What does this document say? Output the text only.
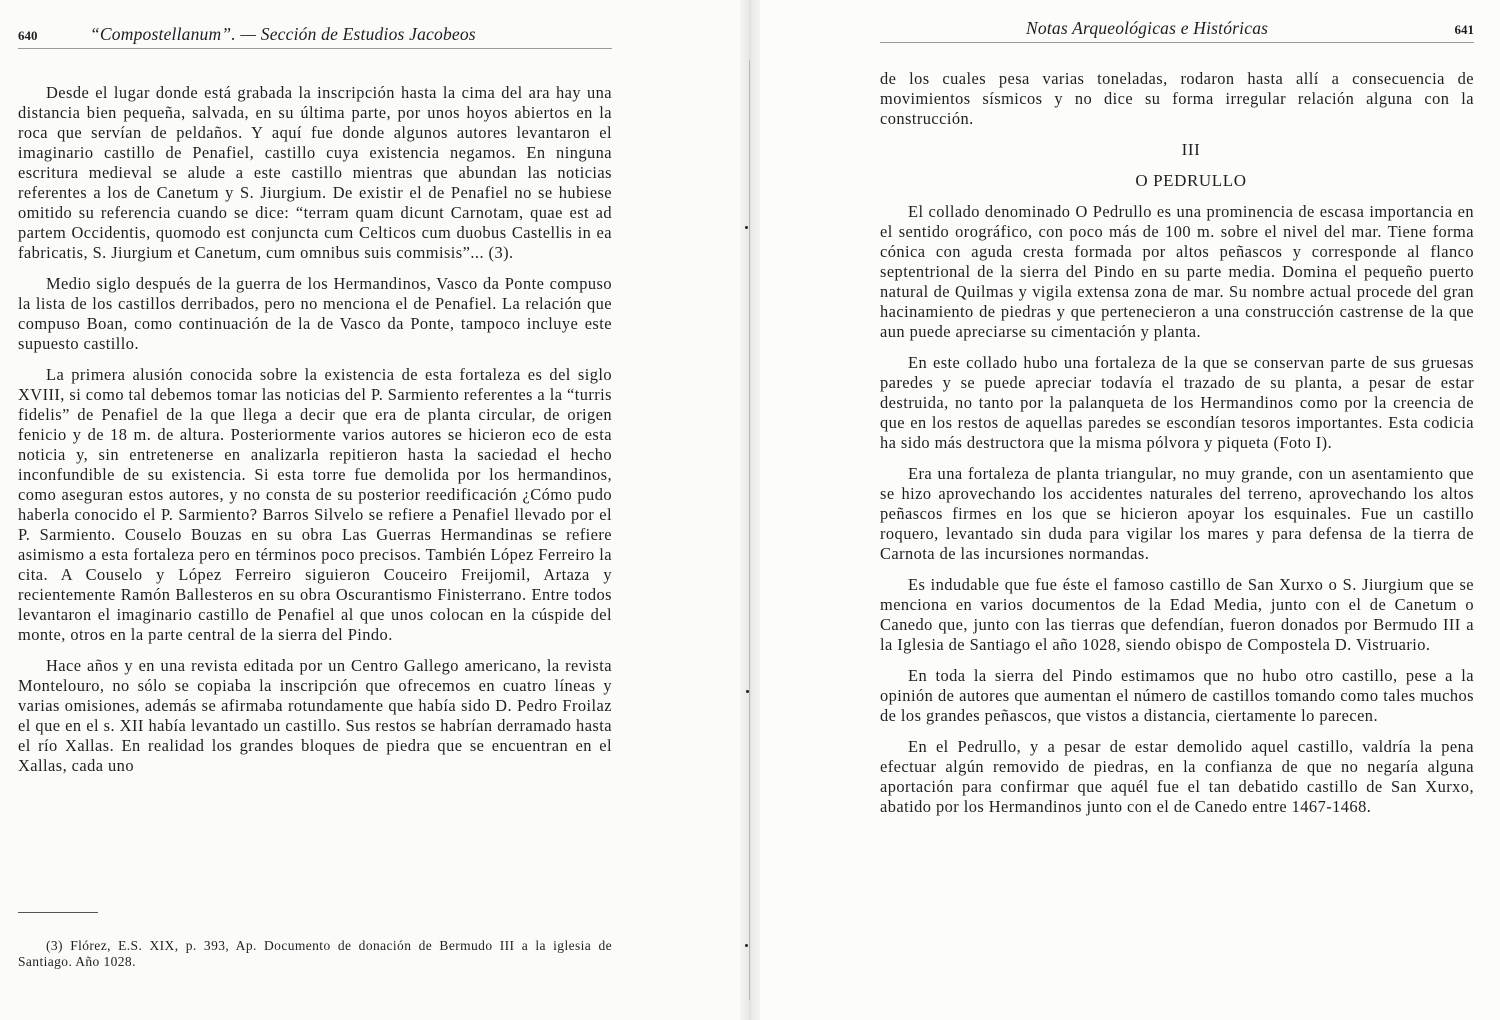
640	“Compostellanum”. — Sección de Estudios Jacobeos

Desde el lugar donde está grabada la inscripción hasta la cima del ara hay una distancia bien pequeña, salvada, en su última parte, por unos hoyos abiertos en la roca que servían de peldaños. Y aquí fue donde algunos autores levantaron el imaginario castillo de Penafiel, castillo cuya existencia negamos. En ninguna escritura medieval se alude a este castillo mientras que abundan las noticias referentes a los de Canetum y S. Jiurgium. De existir el de Penafiel no se hubiese omitido su referencia cuando se dice: “terram quam dicunt Carnotam, quae est ad partem Occidentis, quomodo est conjuncta cum Celticos cum duobus Castellis in ea fabricatis, S. Jiurgium et Canetum, cum omnibus suis commisis”... (3).

Medio siglo después de la guerra de los Hermandinos, Vasco da Ponte compuso la lista de los castillos derribados, pero no menciona el de Penafiel. La relación que compuso Boan, como continuación de la de Vasco da Ponte, tampoco incluye este supuesto castillo.

La primera alusión conocida sobre la existencia de esta fortaleza es del siglo XVIII, si como tal debemos tomar las noticias del P. Sarmiento referentes a la “turris fidelis” de Penafiel de la que llega a decir que era de planta circular, de origen fenicio y de 18 m. de altura. Posteriormente varios autores se hicieron eco de esta noticia y, sin entretenerse en analizarla repitieron hasta la saciedad el hecho inconfundible de su existencia. Si esta torre fue demolida por los hermandinos, como aseguran estos autores, y no consta de su posterior reedificación ¿Cómo pudo haberla conocido el P. Sarmiento? Barros Silvelo se refiere a Penafiel llevado por el P. Sarmiento. Couselo Bouzas en su obra Las Guerras Hermandinas se refiere asimismo a esta fortaleza pero en términos poco precisos. También López Ferreiro la cita. A Couselo y López Ferreiro siguieron Couceiro Freijomil, Artaza y recientemente Ramón Ballesteros en su obra Oscurantismo Finisterrano. Entre todos levantaron el imaginario castillo de Penafiel al que unos colocan en la cúspide del monte, otros en la parte central de la sierra del Pindo.

Hace años y en una revista editada por un Centro Gallego americano, la revista Montelouro, no sólo se copiaba la inscripción que ofrecemos en cuatro líneas y varias omisiones, además se afirmaba rotundamente que había sido D. Pedro Froilaz el que en el s. XII había levantado un castillo. Sus restos se habrían derramado hasta el río Xallas. En realidad los grandes bloques de piedra que se encuentran en el Xallas, cada uno

(3) Flórez, E.S. XIX, p. 393, Ap. Documento de donación de Bermudo III a la iglesia de Santiago. Año 1028.
Notas Arqueológicas e Históricas	641

de los cuales pesa varias toneladas, rodaron hasta allí a consecuencia de movimientos sísmicos y no dice su forma irregular relación alguna con la construcción.

III

O PEDRULLO

El collado denominado O Pedrullo es una prominencia de escasa importancia en el sentido orográfico, con poco más de 100 m. sobre el nivel del mar. Tiene forma cónica con aguda cresta formada por altos peñascos y corresponde al flanco septentrional de la sierra del Pindo en su parte media. Domina el pequeño puerto natural de Quilmas y vigila extensa zona de mar. Su nombre actual procede del gran hacinamiento de piedras y que pertenecieron a una construcción castrense de la que aun puede apreciarse su cimentación y planta.

En este collado hubo una fortaleza de la que se conservan parte de sus gruesas paredes y se puede apreciar todavía el trazado de su planta, a pesar de estar destruida, no tanto por la palanqueta de los Hermandinos como por la creencia de que en los restos de aquellas paredes se escondían tesoros importantes. Esta codicia ha sido más destructora que la misma pólvora y piqueta (Foto I).

Era una fortaleza de planta triangular, no muy grande, con un asentamiento que se hizo aprovechando los accidentes naturales del terreno, aprovechando los altos peñascos firmes en los que se hicieron apoyar los esquinales. Fue un castillo roquero, levantado sin duda para vigilar los mares y para defensa de la tierra de Carnota de las incursiones normandas.

Es indudable que fue éste el famoso castillo de San Xurxo o S. Jiurgium que se menciona en varios documentos de la Edad Media, junto con el de Canetum o Canedo que, junto con las tierras que defendían, fueron donados por Bermudo III a la Iglesia de Santiago el año 1028, siendo obispo de Compostela D. Vistruario.

En toda la sierra del Pindo estimamos que no hubo otro castillo, pese a la opinión de autores que aumentan el número de castillos tomando como tales muchos de los grandes peñascos, que vistos a distancia, ciertamente lo parecen.

En el Pedrullo, y a pesar de estar demolido aquel castillo, valdría la pena efectuar algún removido de piedras, en la confianza de que no negaría alguna aportación para confirmar que aquél fue el tan debatido castillo de San Xurxo, abatido por los Hermandinos junto con el de Canedo entre 1467-1468.
